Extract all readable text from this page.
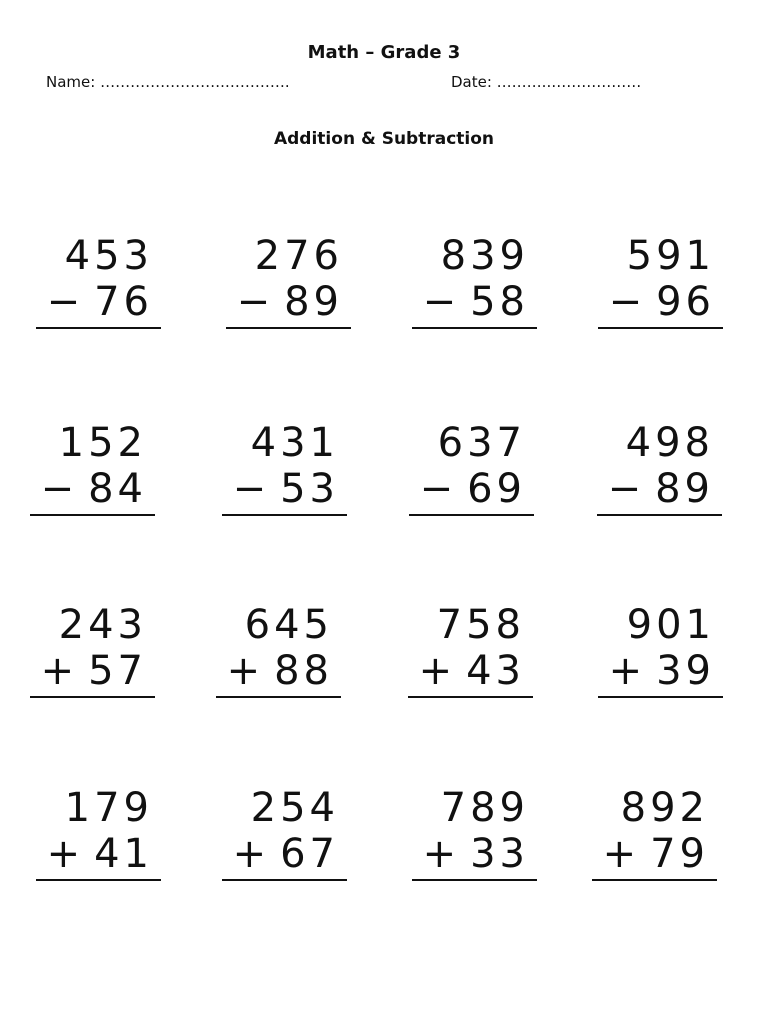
Math – Grade 3
Name: …………………….………….	Date: ………..………………
Addition & Subtraction
453
− 76
276
− 89
839
− 58
591
− 96
152
− 84
431
− 53
637
− 69
498
− 89
243
+ 57
645
+ 88
758
+ 43
901
+ 39
179
+ 41
254
+ 67
789
+ 33
892
+ 79
